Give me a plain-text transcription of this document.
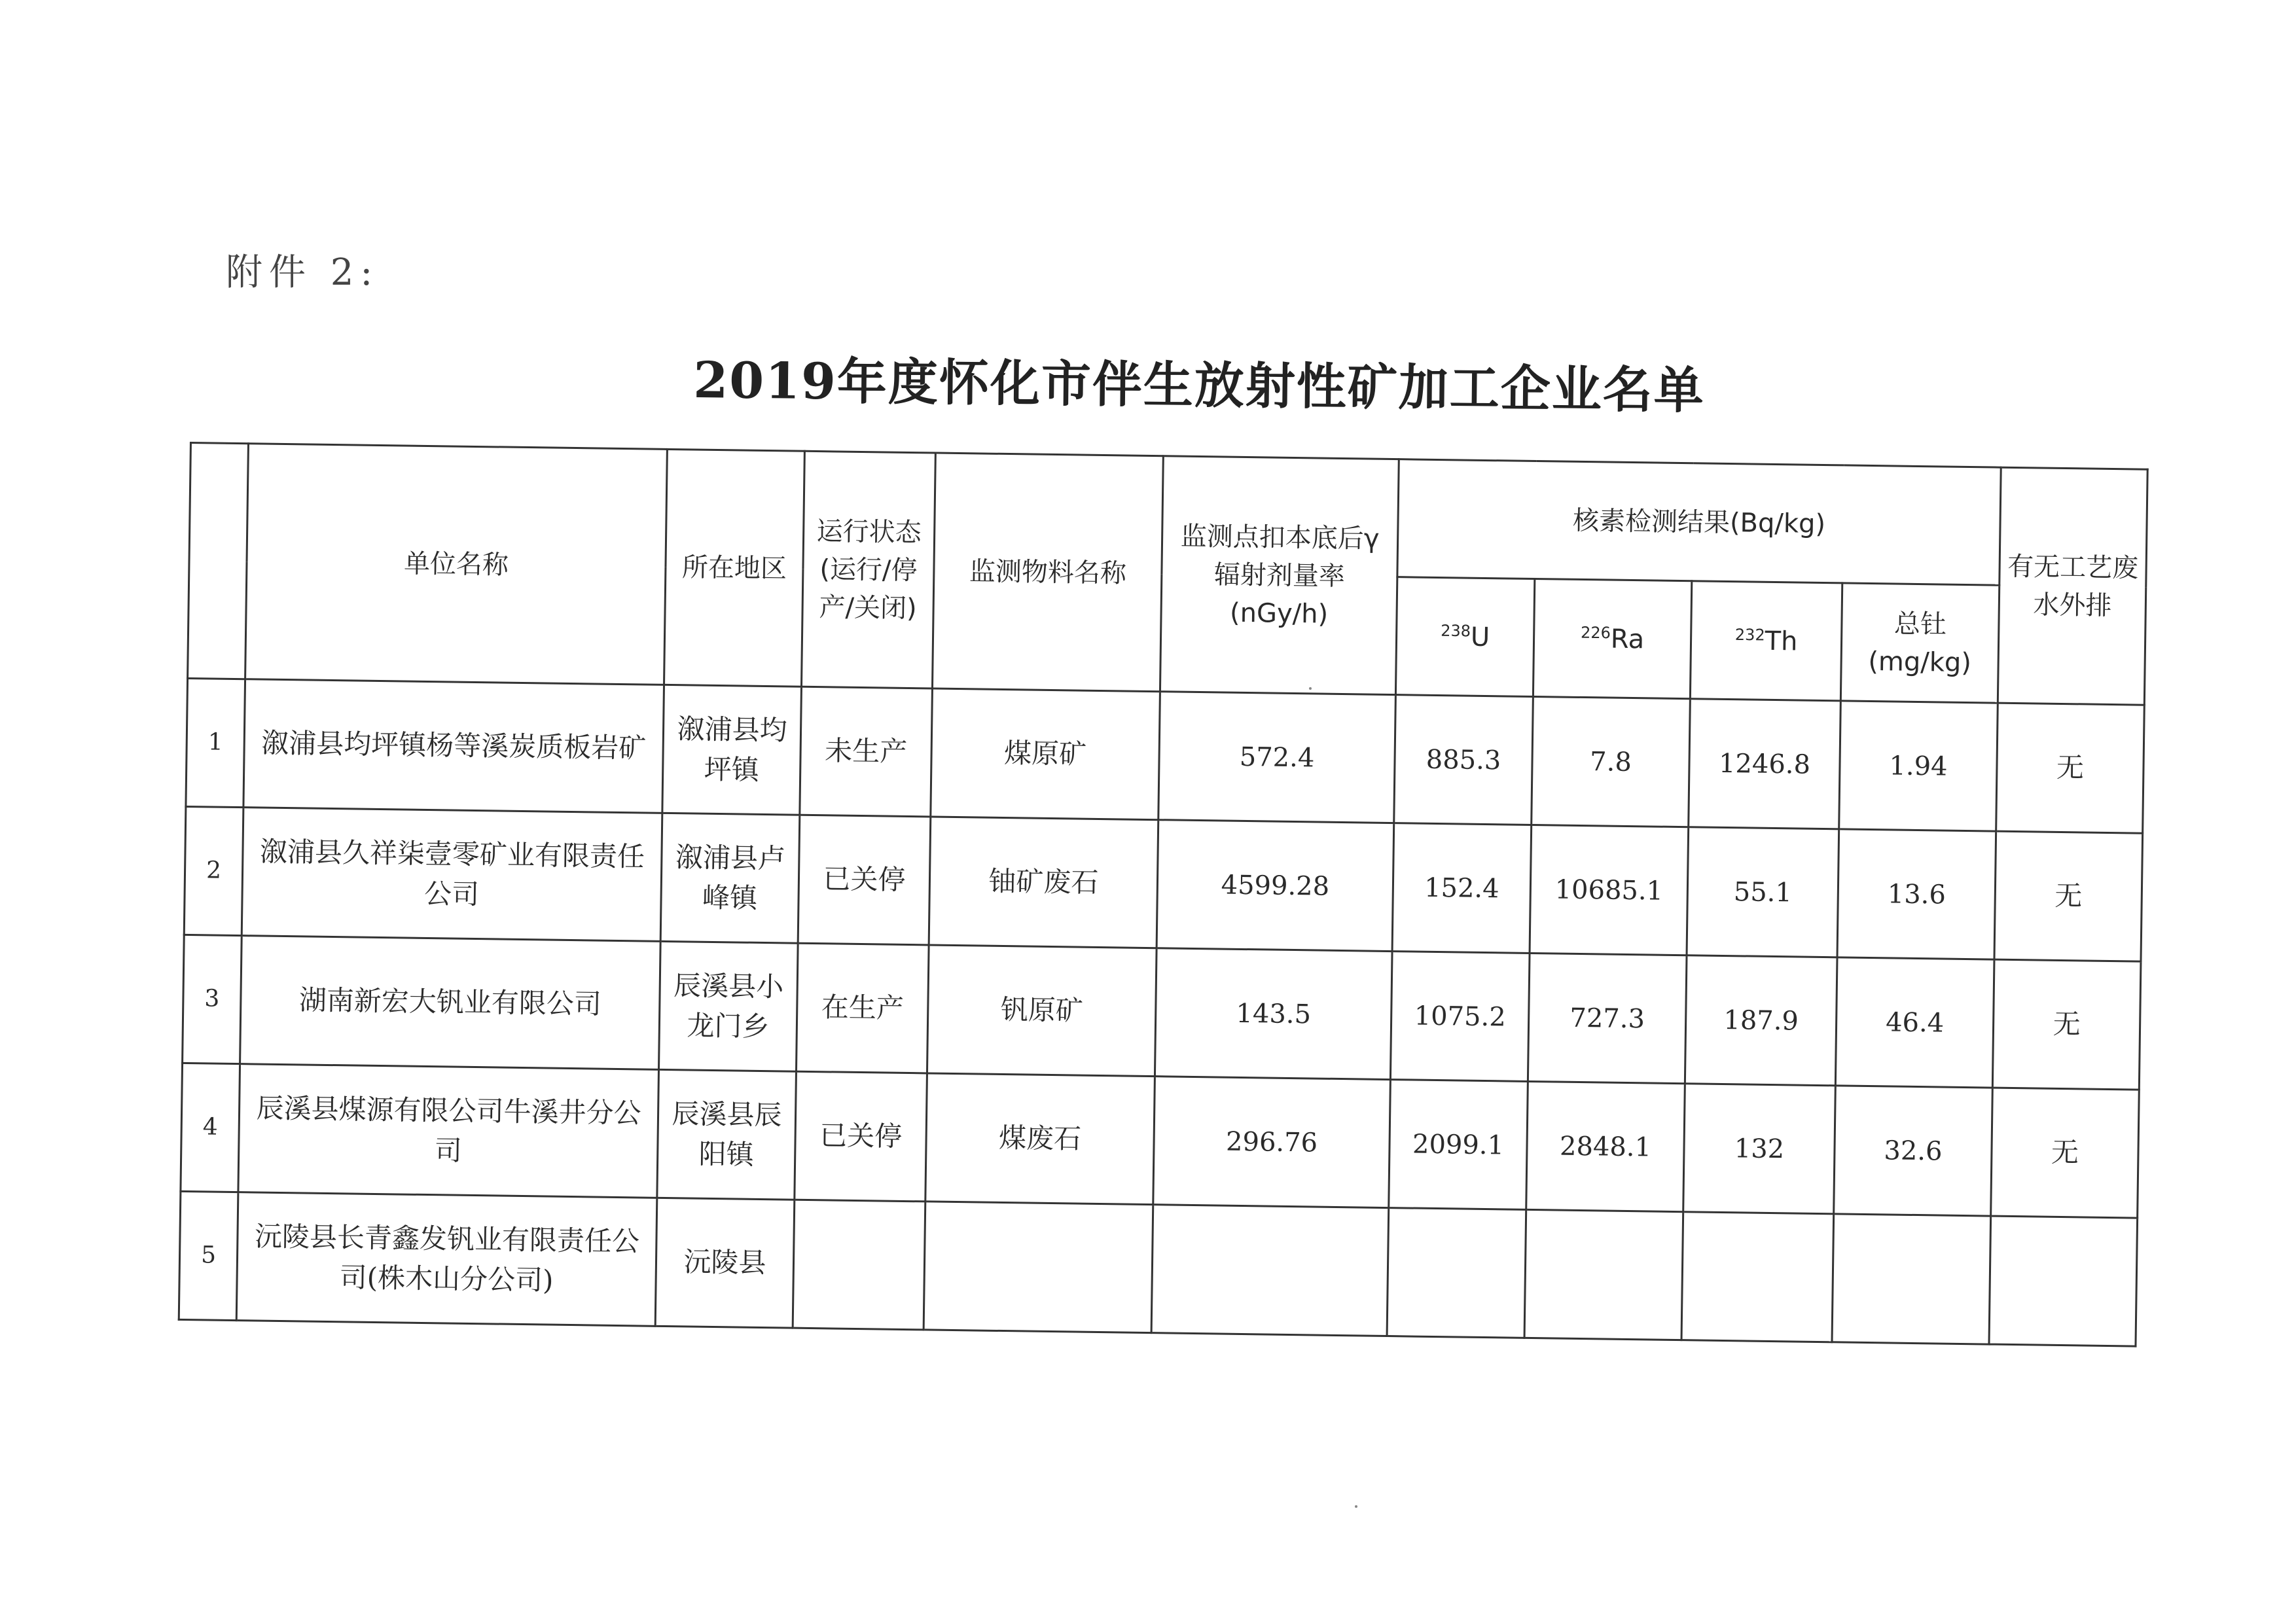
附件 2:
2019年度怀化市伴生放射性矿加工企业名单
	单位名称	所在地区	运行状态(运行/停产/关闭)	监测物料名称	监测点扣本底后γ辐射剂量率(nGy/h)	核素检测结果(Bq/kg)				有无工艺废水外排
						$^{238}$U	$^{226}$Ra	$^{232}$Th	总钍(mg/kg)	
1	溆浦县均坪镇杨等溪炭质板岩矿	溆浦县均坪镇	未生产	煤原矿	572.4	885.3	7.8	1246.8	1.94	无
2	溆浦县久祥柒壹零矿业有限责任公司	溆浦县卢峰镇	已关停	铀矿废石	4599.28	152.4	10685.1	55.1	13.6	无
3	湖南新宏大钒业有限公司	辰溪县小龙门乡	在生产	钒原矿	143.5	1075.2	727.3	187.9	46.4	无
4	辰溪县煤源有限公司牛溪井分公司	辰溪县辰阳镇	已关停	煤废石	296.76	2099.1	2848.1	132	32.6	无
5	沅陵县长青鑫发钒业有限责任公司(株木山分公司)	沅陵县								
